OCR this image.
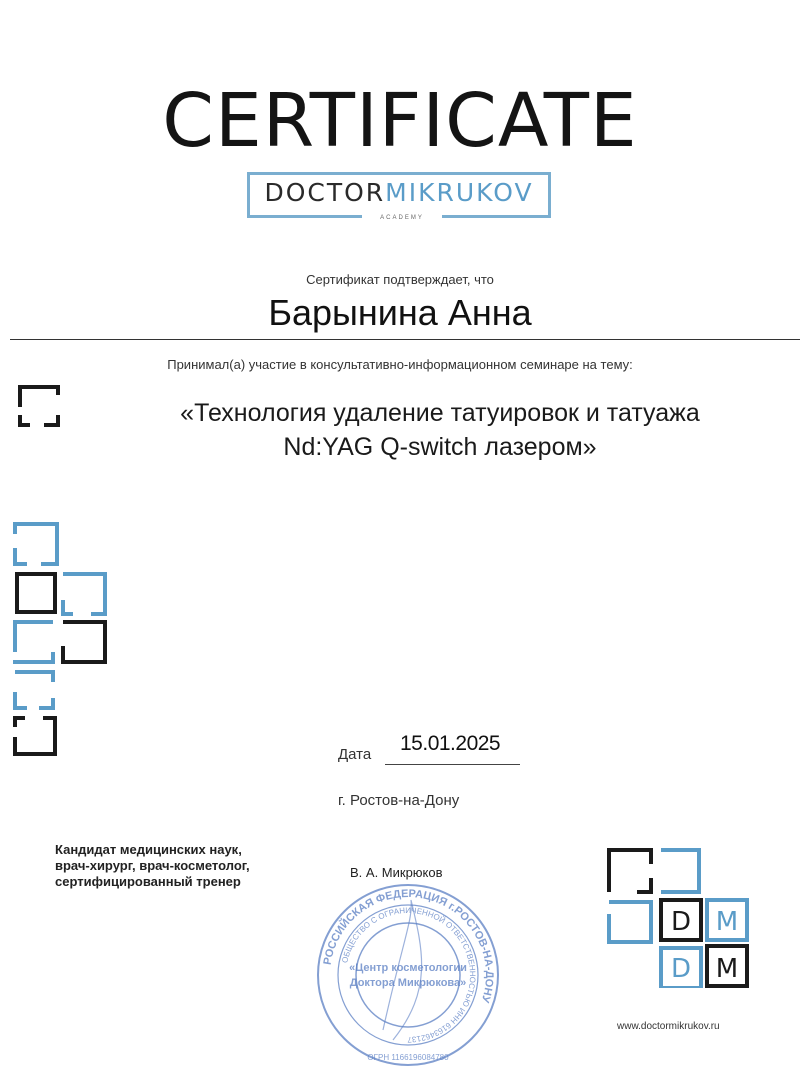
CERTIFICATE
DOCTORMIKRUKOV
ACADEMY
Сертификат подтверждает, что
Барынина Анна
Принимал(а) участие в консультативно-информационном семинаре на тему:
«Технология удаление татуировок и татуажа
Nd:YAG Q-switch лазером»
Дата 15.01.2025
г. Ростов-на-Дону
Кандидат медицинских наук,
врач-хирург, врач-косметолог,
сертифицированный тренер
В. А. Микрюков
РОССИЙСКАЯ ФЕДЕРАЦИЯ г.РОСТОВ-НА-ДОНУ
ОБЩЕСТВО С ОГРАНИЧЕННОЙ ОТВЕТСТВЕННОСТЬЮ ИНН 6163462137
«Центр косметологии
Доктора Микрюкова»
ОГРН 1166196084780
D M
D M
www.doctormikrukov.ru
